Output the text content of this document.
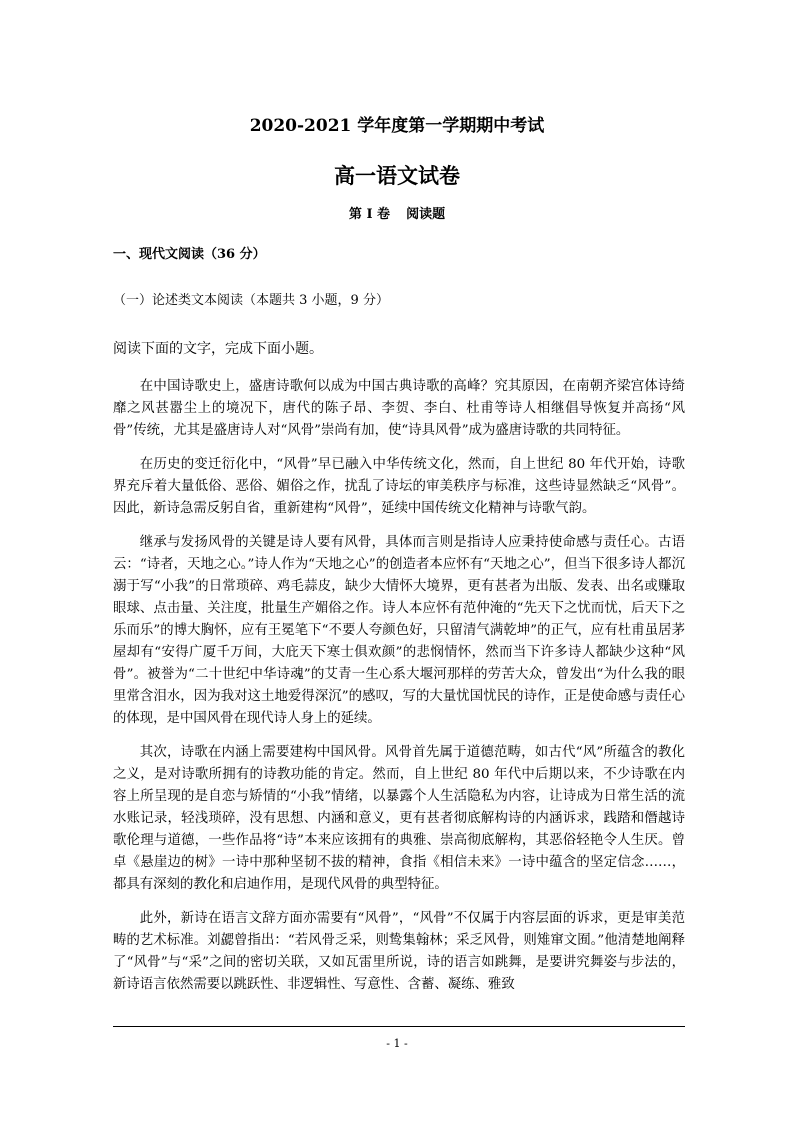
2020-2021 学年度第一学期期中考试
高一语文试卷
第 I 卷 阅读题
一、现代文阅读（36 分）
（一）论述类文本阅读（本题共 3 小题，9 分）
阅读下面的文字，完成下面小题。

在中国诗歌史上，盛唐诗歌何以成为中国古典诗歌的高峰？究其原因，在南朝齐梁宫体诗绮靡之风甚嚣尘上的境况下，唐代的陈子昂、李贺、李白、杜甫等诗人相继倡导恢复并高扬“风骨”传统，尤其是盛唐诗人对“风骨”崇尚有加，使“诗具风骨”成为盛唐诗歌的共同特征。

在历史的变迁衍化中，“风骨”早已融入中华传统文化，然而，自上世纪 80 年代开始，诗歌界充斥着大量低俗、恶俗、媚俗之作，扰乱了诗坛的审美秩序与标准，这些诗显然缺乏“风骨”。因此，新诗急需反躬自省，重新建构“风骨”，延续中国传统文化精神与诗歌气韵。

继承与发扬风骨的关键是诗人要有风骨，具体而言则是指诗人应秉持使命感与责任心。古语云：“诗者，天地之心。”诗人作为“天地之心”的创造者本应怀有“天地之心”，但当下很多诗人都沉溺于写“小我”的日常琐碎、鸡毛蒜皮，缺少大情怀大境界，更有甚者为出版、发表、出名或赚取眼球、点击量、关注度，批量生产媚俗之作。诗人本应怀有范仲淹的“先天下之忧而忧，后天下之乐而乐”的博大胸怀，应有王冕笔下“不要人夸颜色好，只留清气满乾坤”的正气，应有杜甫虽居茅屋却有“安得广厦千万间，大庇天下寒士俱欢颜”的悲悯情怀，然而当下许多诗人都缺少这种“风骨”。被誉为“二十世纪中华诗魂”的艾青一生心系大堰河那样的劳苦大众，曾发出“为什么我的眼里常含泪水，因为我对这土地爱得深沉”的感叹，写的大量忧国忧民的诗作，正是使命感与责任心的体现，是中国风骨在现代诗人身上的延续。

其次，诗歌在内涵上需要建构中国风骨。风骨首先属于道德范畴，如古代“风”所蕴含的教化之义，是对诗歌所拥有的诗教功能的肯定。然而，自上世纪 80 年代中后期以来，不少诗歌在内容上所呈现的是自恋与矫情的“小我”情绪，以暴露个人生活隐私为内容，让诗成为日常生活的流水账记录，轻浅琐碎，没有思想、内涵和意义，更有甚者彻底解构诗的内涵诉求，践踏和僭越诗歌伦理与道德，一些作品将“诗”本来应该拥有的典雅、崇高彻底解构，其恶俗轻艳令人生厌。曾卓《悬崖边的树》一诗中那种坚韧不拔的精神，食指《相信未来》一诗中蕴含的坚定信念……，都具有深刻的教化和启迪作用，是现代风骨的典型特征。

此外，新诗在语言文辞方面亦需要有“风骨”，“风骨”不仅属于内容层面的诉求，更是审美范畴的艺术标准。刘勰曾指出：“若风骨乏采，则鸷集翰林；采乏风骨，则雉窜文囿。”他清楚地阐释了“风骨”与“采”之间的密切关联，又如瓦雷里所说，诗的语言如跳舞，是要讲究舞姿与步法的，新诗语言依然需要以跳跃性、非逻辑性、写意性、含蓄、凝练、雅致

- 1 -
